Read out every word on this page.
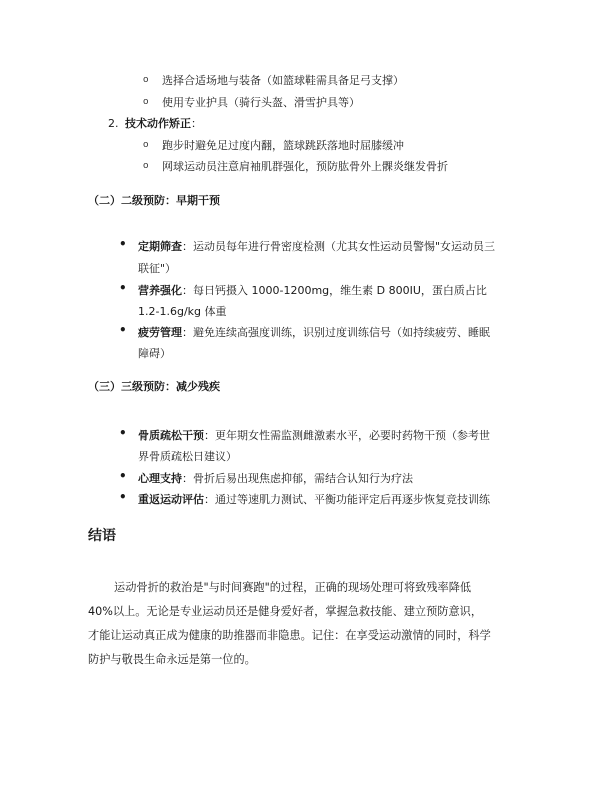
o 选择合适场地与装备（如篮球鞋需具备足弓支撑）
o 使用专业护具（骑行头盔、滑雪护具等）
2. 技术动作矫正：
o 跑步时避免足过度内翻，篮球跳跃落地时屈膝缓冲
o 网球运动员注意肩袖肌群强化，预防肱骨外上髁炎继发骨折
（二）二级预防：早期干预
• 定期筛查：运动员每年进行骨密度检测（尤其女性运动员警惕"女运动员三
联征"）
• 营养强化：每日钙摄入 1000-1200mg，维生素 D 800IU，蛋白质占比
1.2-1.6g/kg 体重
• 疲劳管理：避免连续高强度训练，识别过度训练信号（如持续疲劳、睡眠
障碍）
（三）三级预防：减少残疾
• 骨质疏松干预：更年期女性需监测雌激素水平，必要时药物干预（参考世
界骨质疏松日建议）
• 心理支持：骨折后易出现焦虑抑郁，需结合认知行为疗法
• 重返运动评估：通过等速肌力测试、平衡功能评定后再逐步恢复竞技训练
结语
运动骨折的救治是"与时间赛跑"的过程，正确的现场处理可将致残率降低
40%以上。无论是专业运动员还是健身爱好者，掌握急救技能、建立预防意识，
才能让运动真正成为健康的助推器而非隐患。记住：在享受运动激情的同时，科学
防护与敬畏生命永远是第一位的。
